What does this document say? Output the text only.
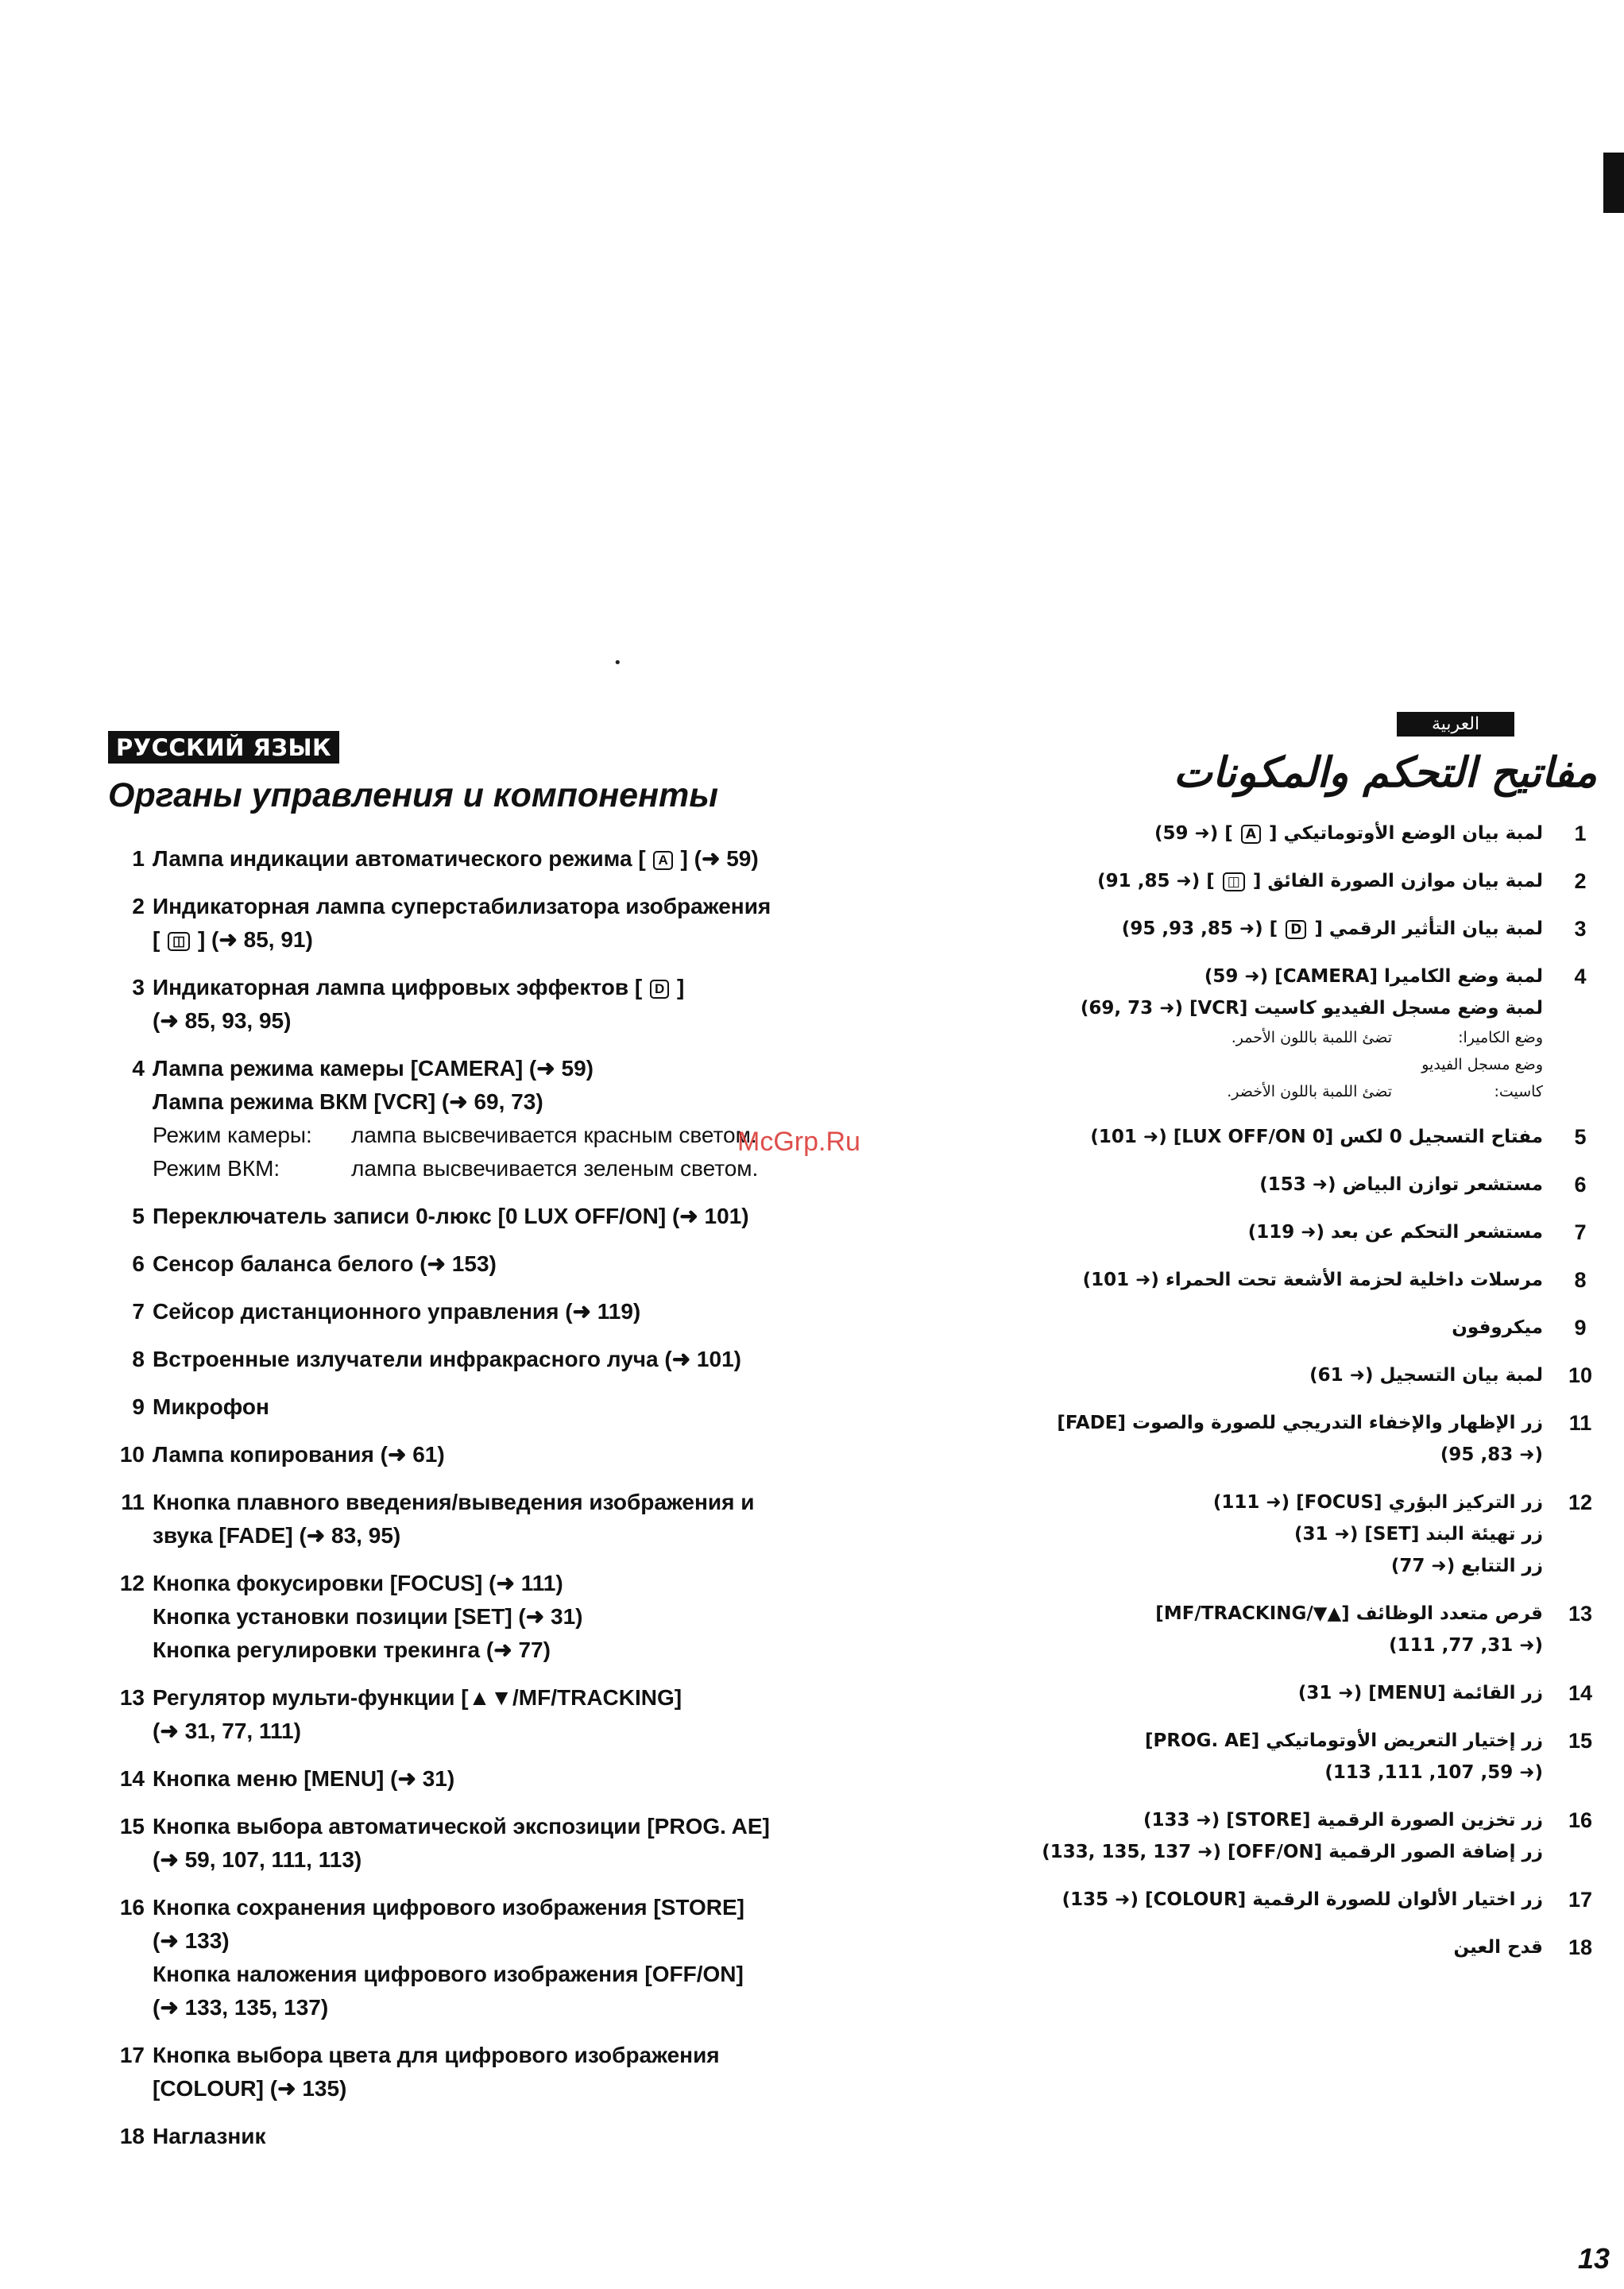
•
РУССКИЙ ЯЗЫК
Органы управления и компоненты
1 Лампа индикации автоматического режима [ A ] (➜ 59)
2 Индикаторная лампа суперстабилизатора изображения
[ ◫ ] (➜ 85, 91)
3 Индикаторная лампа цифровых эффектов [ D ]
(➜ 85, 93, 95)
4 Лампа режима камеры [CAMERA] (➜ 59)
Лампа режима ВКМ [VCR] (➜ 69, 73)
Режим камеры:	лампа высвечивается красным светом.
Режим ВКМ:	лампа высвечивается зеленым светом.
5 Переключатель записи 0-люкс [0 LUX OFF/ON] (➜ 101)
6 Сенсор баланса белого (➜ 153)
7 Сейсор дистанционного управления (➜ 119)
8 Встроенные излучатели инфракрасного луча (➜ 101)
9 Микрофон
10 Лампа копирования (➜ 61)
11 Кнопка плавного введения/выведения изображения и
звука [FADE] (➜ 83, 95)
12 Кнопка фокусировки [FOCUS] (➜ 111)
Кнопка установки позиции [SET] (➜ 31)
Кнопка регулировки трекинга (➜ 77)
13 Регулятор мульти-функции [▲▼/MF/TRACKING]
(➜ 31, 77, 111)
14 Кнопка меню [MENU] (➜ 31)
15 Кнопка выбора автоматической экспозиции [PROG. AE]
(➜ 59, 107, 111, 113)
16 Кнопка сохранения цифрового изображения [STORE]
(➜ 133)
Кнопка наложения цифрового изображения [OFF/ON]
(➜ 133, 135, 137)
17 Кнопка выбора цвета для цифрового изображения
[COLOUR] (➜ 135)
18 Наглазник
العربية
مفاتيح التحكم والمكونات
1
لمبة بيان الوضع الأوتوماتيكي [ A ] (➜ 59)
2
لمبة بيان موازن الصورة الفائق [ ◫ ] (➜ 85, 91)
3
لمبة بيان التأثير الرقمي [ D ] (➜ 85, 93, 95)
4
لمبة وضع الكاميرا [CAMERA] (➜ 59)
لمبة وضع مسجل الفيديو كاسيت [VCR] (➜ 69, 73)
وضع الكاميرا:تضئ اللمبة باللون الأحمر.
وضع مسجل الفيديو كاسيت:تضئ اللمبة باللون الأخضر.
5
مفتاح التسجيل 0 لكس [0 LUX OFF/ON] (➜ 101)
6
مستشعر توازن البياض (➜ 153)
7
مستشعر التحكم عن بعد (➜ 119)
8
مرسلات داخلية لحزمة الأشعة تحت الحمراء (➜ 101)
9
ميكروفون
10
لمبة بيان التسجيل (➜ 61)
11
زر الإظهار والإخفاء التدريجي للصورة والصوت [FADE]
(➜ 83, 95)
12
زر التركيز البؤري [FOCUS] (➜ 111)
زر تهيئة البند [SET] (➜ 31)
زر التتابع (➜ 77)
13
قرص متعدد الوظائف [▲▼/MF/TRACKING]
(➜ 31, 77, 111)
14
زر القائمة [MENU] (➜ 31)
15
زر إختيار التعريض الأوتوماتيكي [PROG. AE]
(➜ 59, 107, 111, 113)
16
زر تخزين الصورة الرقمية [STORE] (➜ 133)
زر إضافة الصور الرقمية [OFF/ON] (➜ 133, 135, 137)
17
زر اختيار الألوان للصورة الرقمية [COLOUR] (➜ 135)
18
قدح العين
McGrp.Ru
13
